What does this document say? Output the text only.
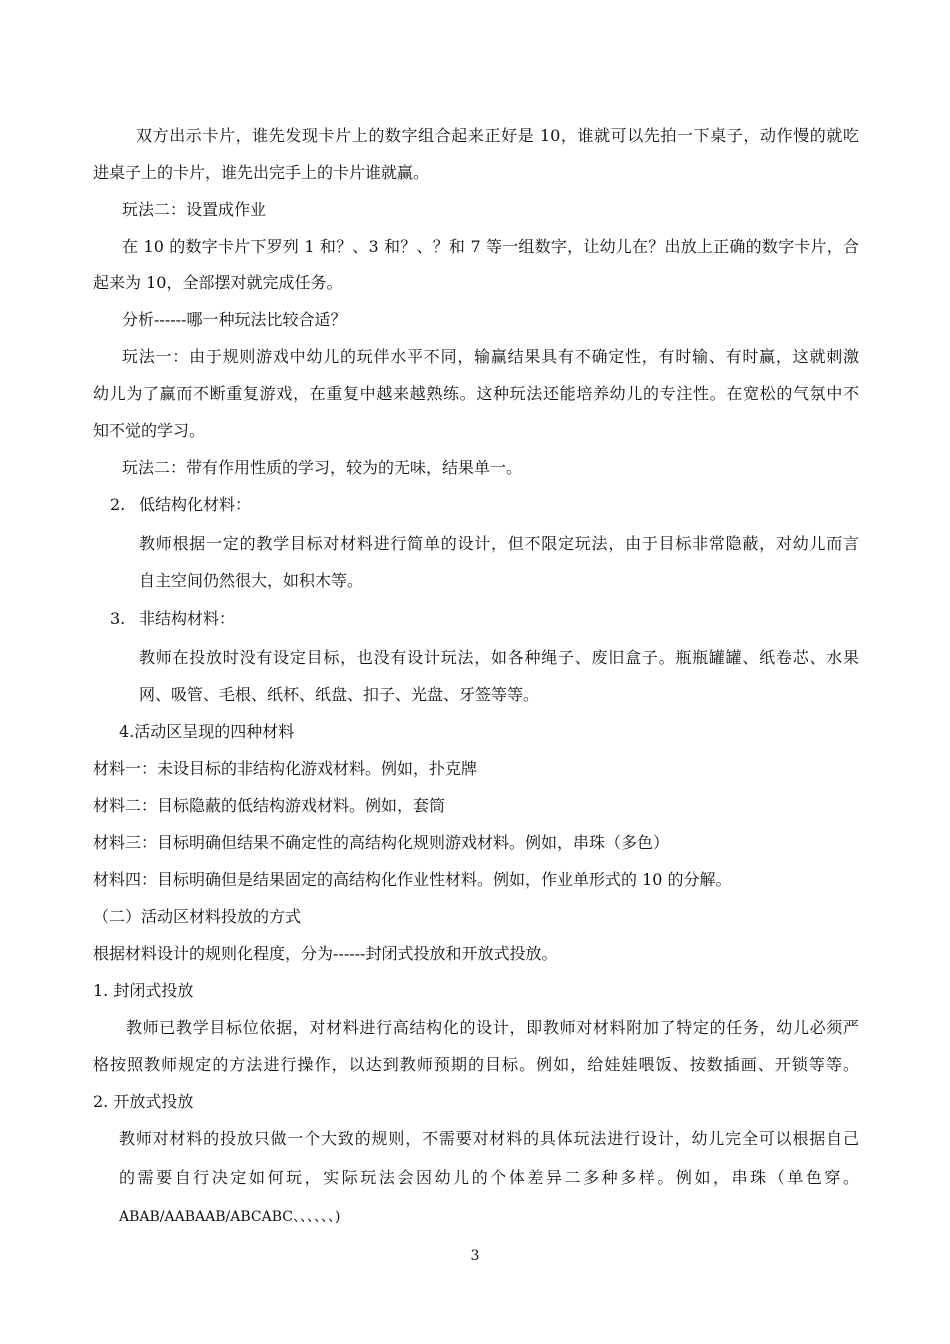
双方出示卡片，谁先发现卡片上的数字组合起来正好是 10，谁就可以先拍一下桌子，动作慢的就吃
进桌子上的卡片，谁先出完手上的卡片谁就赢。
玩法二：设置成作业
在 10 的数字卡片下罗列 1 和？、3 和？、？和 7 等一组数字，让幼儿在？出放上正确的数字卡片，合
起来为 10，全部摆对就完成任务。
分析------哪一种玩法比较合适？
玩法一：由于规则游戏中幼儿的玩伴水平不同，输赢结果具有不确定性，有时输、有时赢，这就刺激
幼儿为了赢而不断重复游戏，在重复中越来越熟练。这种玩法还能培养幼儿的专注性。在宽松的气氛中不
知不觉的学习。
玩法二：带有作用性质的学习，较为的无味，结果单一。
2. 低结构化材料：
教师根据一定的教学目标对材料进行简单的设计，但不限定玩法，由于目标非常隐蔽，对幼儿而言
自主空间仍然很大，如积木等。
3. 非结构材料：
教师在投放时没有设定目标，也没有设计玩法，如各种绳子、废旧盒子。瓶瓶罐罐、纸卷芯、水果
网、吸管、毛根、纸杯、纸盘、扣子、光盘、牙签等等。
4.活动区呈现的四种材料
材料一：未设目标的非结构化游戏材料。例如，扑克牌
材料二：目标隐蔽的低结构游戏材料。例如，套筒
材料三：目标明确但结果不确定性的高结构化规则游戏材料。例如，串珠（多色）
材料四：目标明确但是结果固定的高结构化作业性材料。例如，作业单形式的 10 的分解。
（二）活动区材料投放的方式
根据材料设计的规则化程度，分为------封闭式投放和开放式投放。
1. 封闭式投放
教师已教学目标位依据，对材料进行高结构化的设计，即教师对材料附加了特定的任务，幼儿必须严
格按照教师规定的方法进行操作，以达到教师预期的目标。例如，给娃娃喂饭、按数插画、开锁等等。
2. 开放式投放
教师对材料的投放只做一个大致的规则，不需要对材料的具体玩法进行设计，幼儿完全可以根据自己
的需要自行决定如何玩，实际玩法会因幼儿的个体差异二多种多样。例如，串珠（单色穿。
ABAB/AABAAB/ABCABC、、、、、、)
3
